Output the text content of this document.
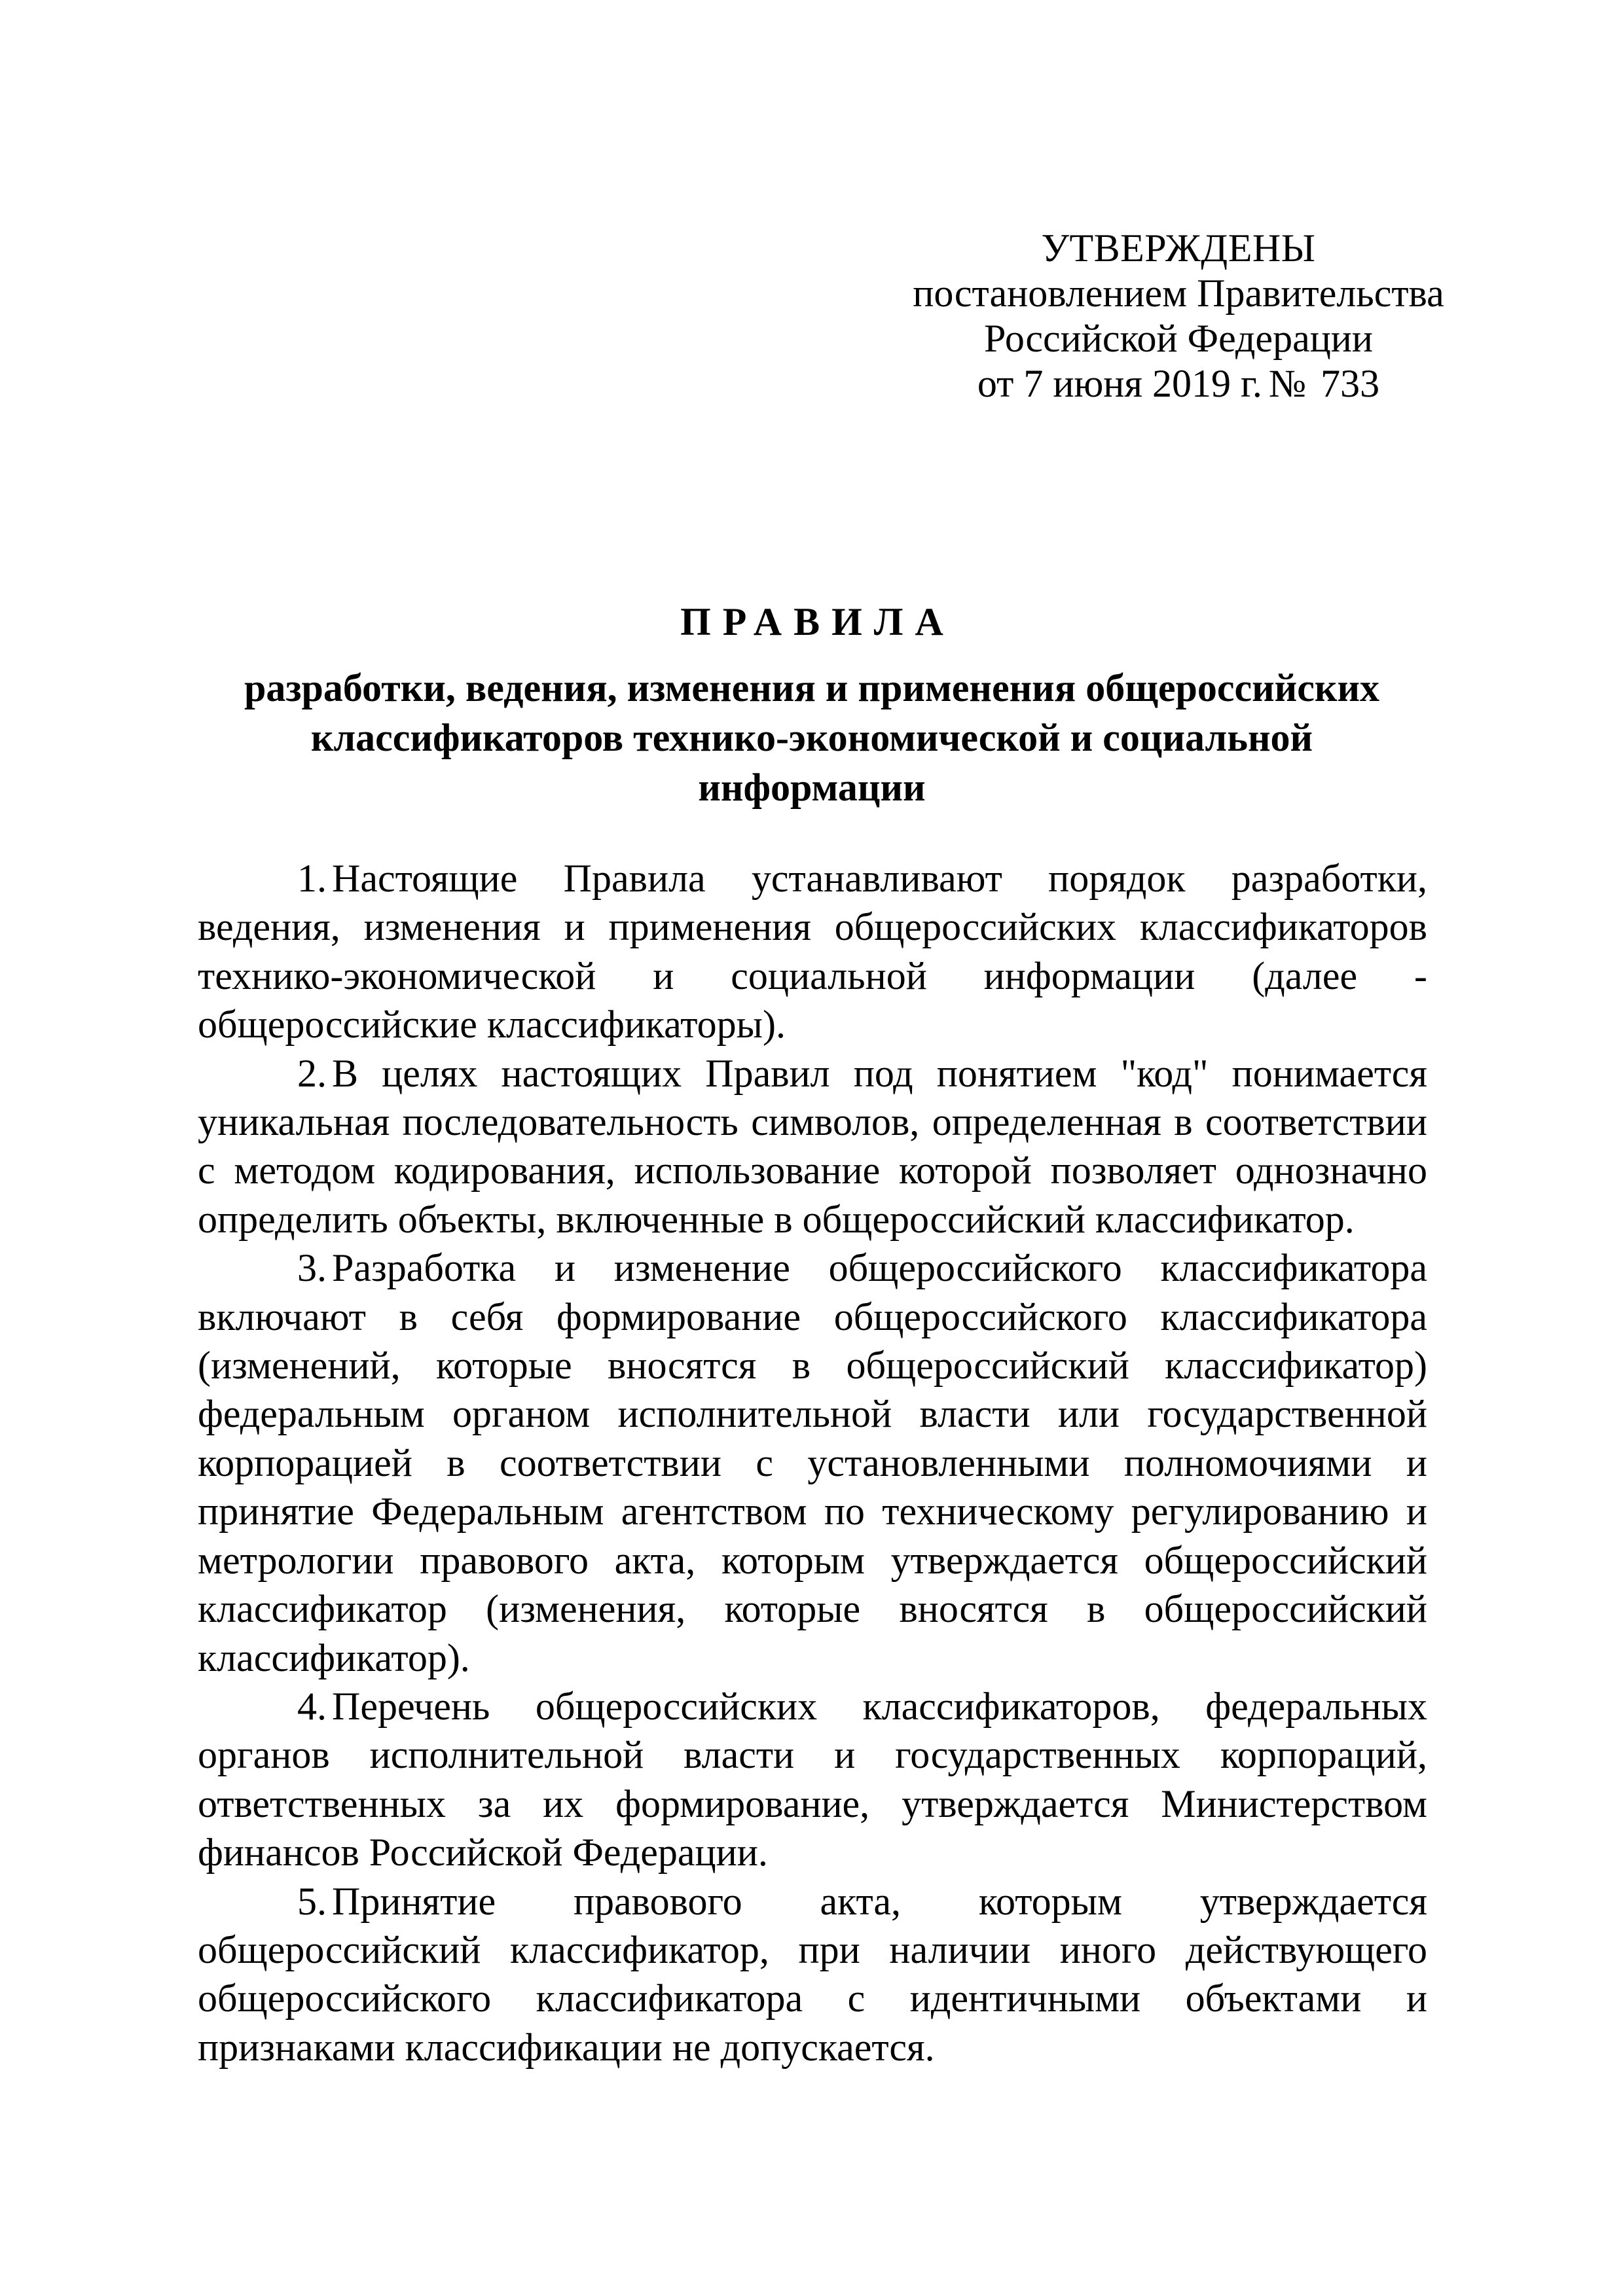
УТВЕРЖДЕНЫ
постановлением Правительства
Российской Федерации
от 7 июня 2019 г. № 733
ПРАВИЛА
разработки, ведения, изменения и применения общероссийских
классификаторов технико-экономической и социальной информации

1. Настоящие Правила устанавливают порядок разработки, ведения, изменения и применения общероссийских классификаторов технико-экономической и социальной информации (далее - общероссийские классификаторы).

2. В целях настоящих Правил под понятием "код" понимается уникальная последовательность символов, определенная в соответствии с методом кодирования, использование которой позволяет однозначно определить объекты, включенные в общероссийский классификатор.

3. Разработка и изменение общероссийского классификатора включают в себя формирование общероссийского классификатора (изменений, которые вносятся в общероссийский классификатор) федеральным органом исполнительной власти или государственной корпорацией в соответствии с установленными полномочиями и принятие Федеральным агентством по техническому регулированию и метрологии правового акта, которым утверждается общероссийский классификатор (изменения, которые вносятся в общероссийский классификатор).

4. Перечень общероссийских классификаторов, федеральных органов исполнительной власти и государственных корпораций, ответственных за их формирование, утверждается Министерством финансов Российской Федерации.

5. Принятие правового акта, которым утверждается общероссийский классификатор, при наличии иного действующего общероссийского классификатора с идентичными объектами и признаками классификации не допускается.
